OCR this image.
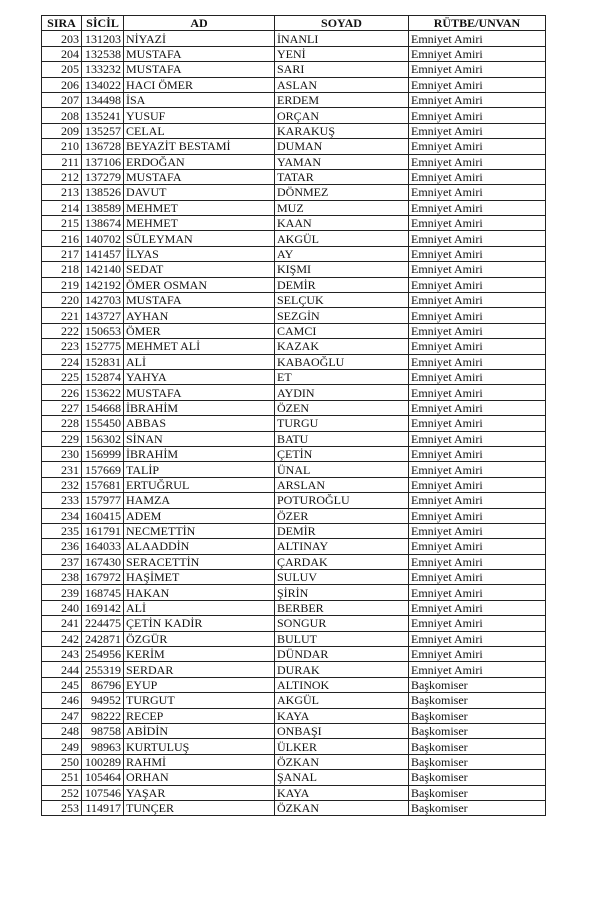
SIRA	SİCİL	AD	SOYAD	RÜTBE/UNVAN
203	131203	NİYAZİ	İNANLI	Emniyet Amiri
204	132538	MUSTAFA	YENİ	Emniyet Amiri
205	133232	MUSTAFA	SARI	Emniyet Amiri
206	134022	HACI ÖMER	ASLAN	Emniyet Amiri
207	134498	İSA	ERDEM	Emniyet Amiri
208	135241	YUSUF	ORÇAN	Emniyet Amiri
209	135257	CELAL	KARAKUŞ	Emniyet Amiri
210	136728	BEYAZİT BESTAMİ	DUMAN	Emniyet Amiri
211	137106	ERDOĞAN	YAMAN	Emniyet Amiri
212	137279	MUSTAFA	TATAR	Emniyet Amiri
213	138526	DAVUT	DÖNMEZ	Emniyet Amiri
214	138589	MEHMET	MUZ	Emniyet Amiri
215	138674	MEHMET	KAAN	Emniyet Amiri
216	140702	SÜLEYMAN	AKGÜL	Emniyet Amiri
217	141457	İLYAS	AY	Emniyet Amiri
218	142140	SEDAT	KIŞMI	Emniyet Amiri
219	142192	ÖMER OSMAN	DEMİR	Emniyet Amiri
220	142703	MUSTAFA	SELÇUK	Emniyet Amiri
221	143727	AYHAN	SEZGİN	Emniyet Amiri
222	150653	ÖMER	CAMCI	Emniyet Amiri
223	152775	MEHMET ALİ	KAZAK	Emniyet Amiri
224	152831	ALİ	KABAOĞLU	Emniyet Amiri
225	152874	YAHYA	ET	Emniyet Amiri
226	153622	MUSTAFA	AYDIN	Emniyet Amiri
227	154668	İBRAHİM	ÖZEN	Emniyet Amiri
228	155450	ABBAS	TURGU	Emniyet Amiri
229	156302	SİNAN	BATU	Emniyet Amiri
230	156999	İBRAHİM	ÇETİN	Emniyet Amiri
231	157669	TALİP	ÜNAL	Emniyet Amiri
232	157681	ERTUĞRUL	ARSLAN	Emniyet Amiri
233	157977	HAMZA	POTUROĞLU	Emniyet Amiri
234	160415	ADEM	ÖZER	Emniyet Amiri
235	161791	NECMETTİN	DEMİR	Emniyet Amiri
236	164033	ALAADDİN	ALTINAY	Emniyet Amiri
237	167430	SERACETTİN	ÇARDAK	Emniyet Amiri
238	167972	HAŞİMET	SULUV	Emniyet Amiri
239	168745	HAKAN	ŞİRİN	Emniyet Amiri
240	169142	ALİ	BERBER	Emniyet Amiri
241	224475	ÇETİN KADİR	SONGUR	Emniyet Amiri
242	242871	ÖZGÜR	BULUT	Emniyet Amiri
243	254956	KERİM	DÜNDAR	Emniyet Amiri
244	255319	SERDAR	DURAK	Emniyet Amiri
245	86796	EYUP	ALTINOK	Başkomiser
246	94952	TURGUT	AKGÜL	Başkomiser
247	98222	RECEP	KAYA	Başkomiser
248	98758	ABİDİN	ONBAŞI	Başkomiser
249	98963	KURTULUŞ	ÜLKER	Başkomiser
250	100289	RAHMİ	ÖZKAN	Başkomiser
251	105464	ORHAN	ŞANAL	Başkomiser
252	107546	YAŞAR	KAYA	Başkomiser
253	114917	TUNÇER	ÖZKAN	Başkomiser
